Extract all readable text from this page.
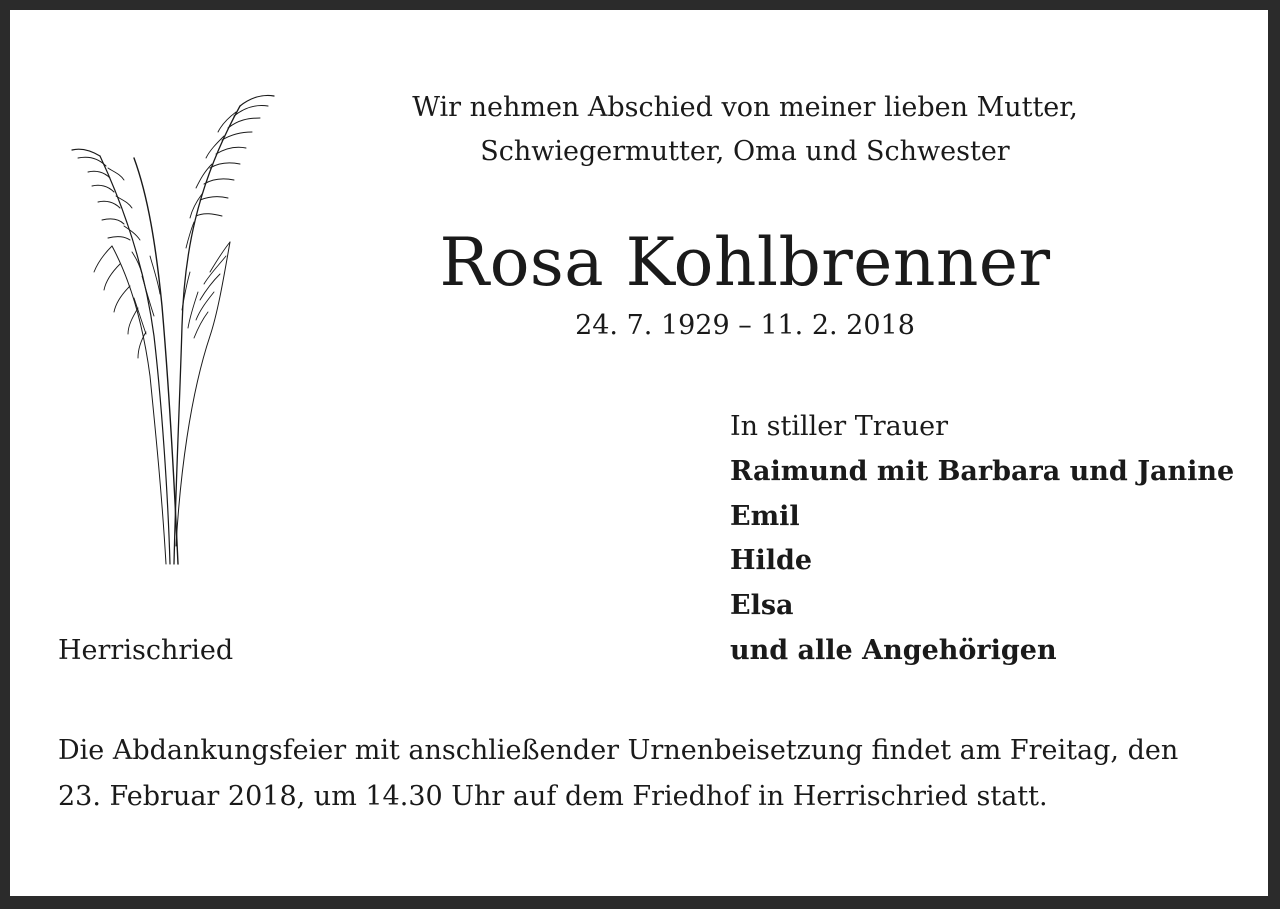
Wir nehmen Abschied von meiner lieben Mutter,
Schwiegermutter, Oma und Schwester
Rosa Kohlbrenner
24. 7. 1929 – 11. 2. 2018
In stiller Trauer
Raimund mit Barbara und Janine
Emil
Hilde
Elsa
und alle Angehörigen
Herrischried
Die Abdankungsfeier mit anschließender Urnenbeisetzung findet am Freitag, den
23. Februar 2018, um 14.30 Uhr auf dem Friedhof in Herrischried statt.
